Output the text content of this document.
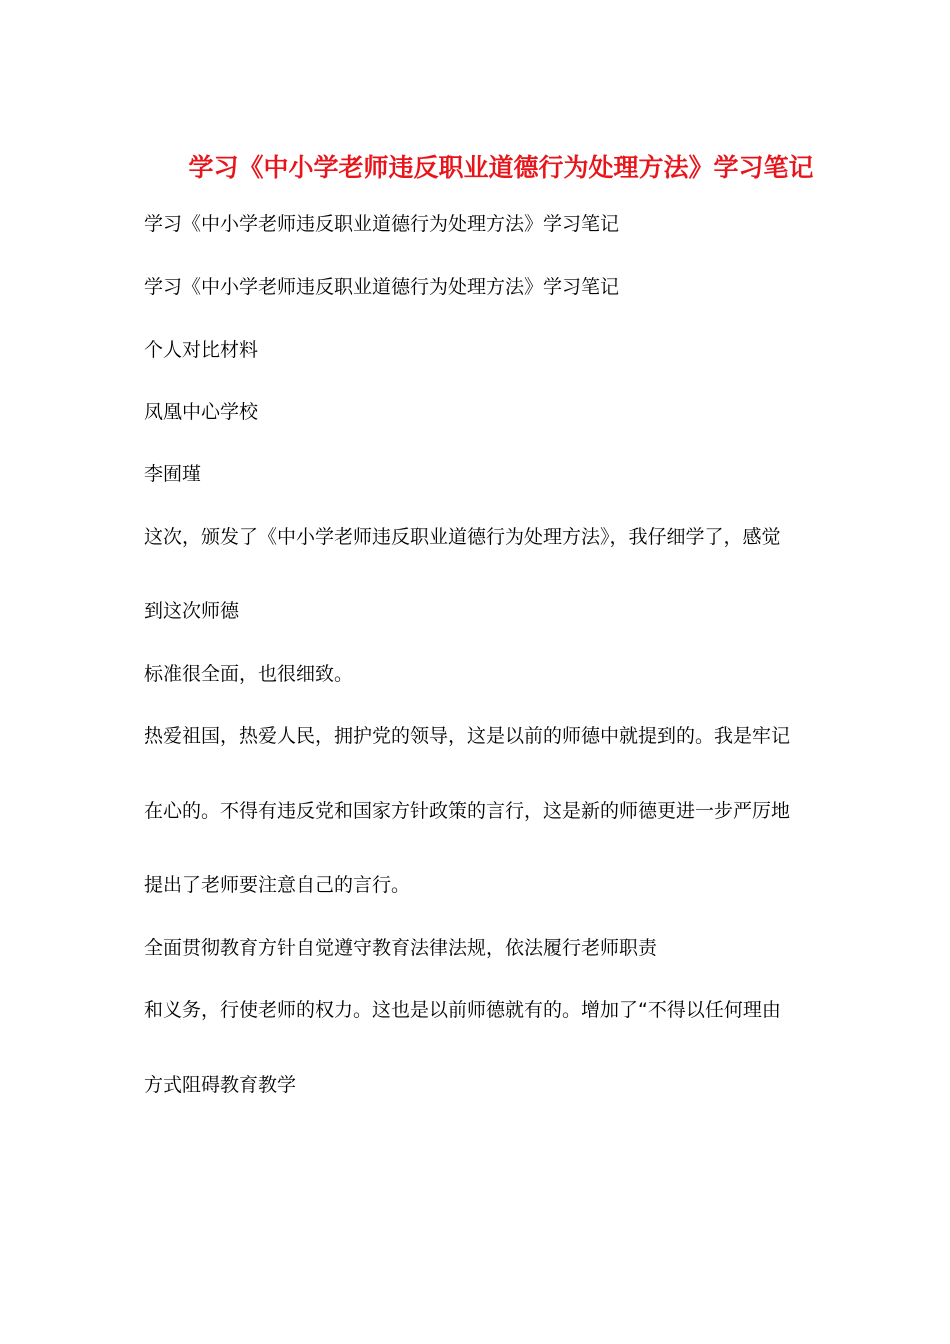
学习《中小学老师违反职业道德行为处理方法》学习笔记
学习《中小学老师违反职业道德行为处理方法》学习笔记
学习《中小学老师违反职业道德行为处理方法》学习笔记
个人对比材料
凤凰中心学校
李囿瑾
这次，颁发了《中小学老师违反职业道德行为处理方法》，我仔细学了，感觉
到这次师德
标准很全面，也很细致。
热爱祖国，热爱人民，拥护党的领导，这是以前的师德中就提到的。我是牢记
在心的。不得有违反党和国家方针政策的言行，这是新的师德更进一步严厉地
提出了老师要注意自己的言行。
全面贯彻教育方针自觉遵守教育法律法规，依法履行老师职责
和义务，行使老师的权力。这也是以前师德就有的。增加了“不得以任何理由
方式阻碍教育教学
